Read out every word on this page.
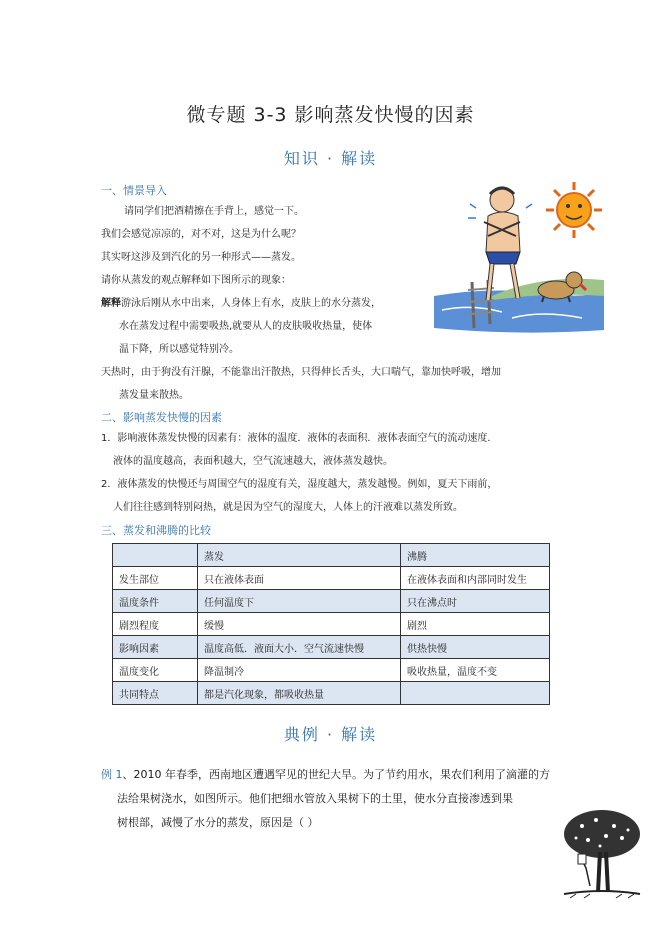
微专题 3-3 影响蒸发快慢的因素
知识 · 解读
一、情景导入
请同学们把酒精擦在手背上，感觉一下。
我们会感觉凉凉的，对不对，这是为什么呢？
其实呀这涉及到汽化的另一种形式——蒸发。
请你从蒸发的观点解释如下图所示的现象：
解释游泳后刚从水中出来，人身体上有水，皮肤上的水分蒸发，
水在蒸发过程中需要吸热,就要从人的皮肤吸收热量，使体
温下降，所以感觉特别冷。
天热时，由于狗没有汗腺，不能靠出汗散热，只得伸长舌头，大口喘气，靠加快呼吸，增加
蒸发量来散热。
二、影响蒸发快慢的因素
1．影响液体蒸发快慢的因素有：液体的温度．液体的表面积．液体表面空气的流动速度．
液体的温度越高，表面积越大，空气流速越大，液体蒸发越快。
2．液体蒸发的快慢还与周围空气的湿度有关，湿度越大，蒸发越慢。例如，夏天下雨前，
人们往往感到特别闷热，就是因为空气的湿度大，人体上的汗液难以蒸发所致。
三、蒸发和沸腾的比较
	蒸发	沸腾
发生部位	只在液体表面	在液体表面和内部同时发生
温度条件	任何温度下	只在沸点时
剧烈程度	缓慢	剧烈
影响因素	温度高低．液面大小．空气流速快慢	供热快慢
温度变化	降温制冷	吸收热量，温度不变
共同特点	都是汽化现象，都吸收热量	
典例 · 解读
例 1、2010 年春季，西南地区遭遇罕见的世纪大旱。为了节约用水，果农们利用了滴灌的方
法给果树浇水，如图所示。他们把细水管放入果树下的土里，使水分直接渗透到果
树根部，减慢了水分的蒸发，原因是（ ）
